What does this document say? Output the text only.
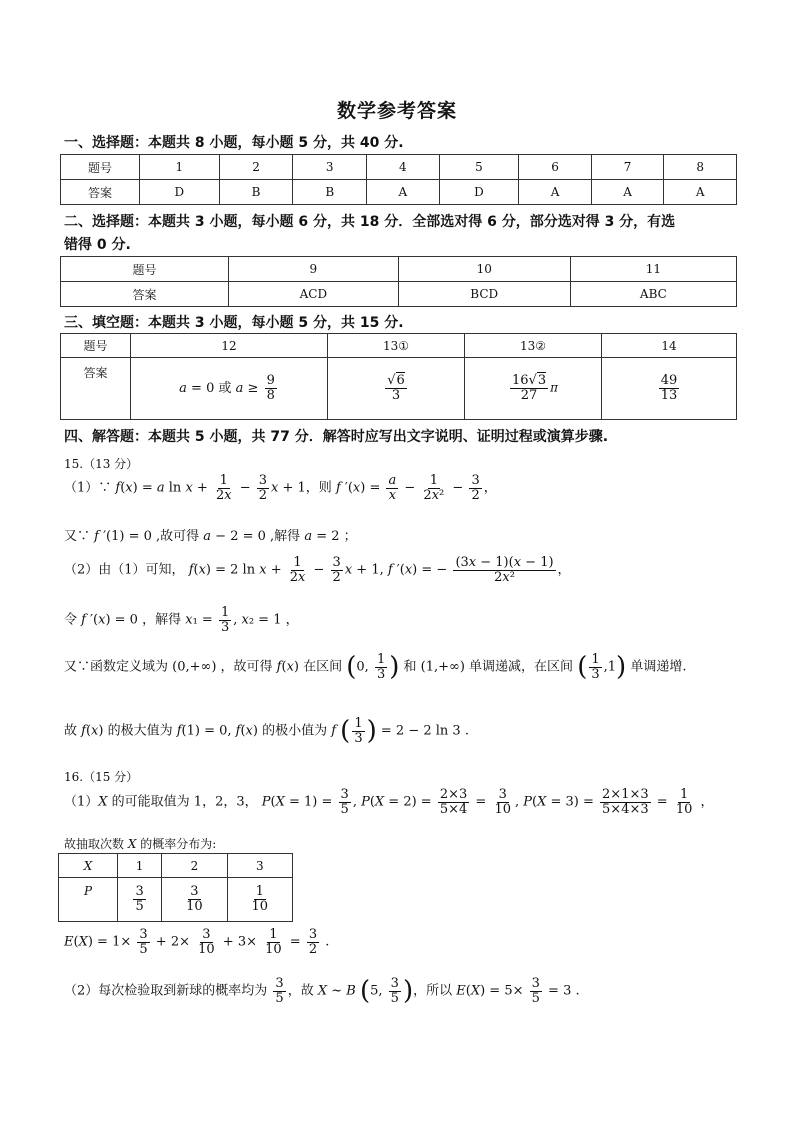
数学参考答案
一、选择题：本题共 8 小题，每小题 5 分，共 40 分.
题号	1	2	3	4	5	6	7	8
答案	D	B	B	A	D	A	A	A
二、选择题：本题共 3 小题，每小题 6 分，共 18 分．全部选对得 6 分，部分选对得 3 分，有选
错得 0 分.
题号	9	10	11
答案	ACD	BCD	ABC
三、填空题：本题共 3 小题，每小题 5 分，共 15 分.
题号	12	13①	13②	14
答案	a = 0 或 $a \ge \frac{9}{8}$	$\frac{√6}{3}$	$\frac{16√3}{27}$ π	$\frac{49}{13}$
四、解答题：本题共 5 小题，共 77 分．解答时应写出文字说明、证明过程或演算步骤.
15.（13 分）
（1）∵ f(x) = a $\ln x + \frac{1}{2x} - \frac{3}{2}$ x + 1，则 f $'(x) = \frac{a}{x} - \frac{1}{\text{2x²}} - \frac{3}{2}$ ，
又∵ f ′(1) = 0 ,故可得 a − 2 = 0 ,解得 a = 2 ；
（2）由（1）可知， f(x) = 2 $\ln x + \frac{1}{2x} - \frac{3}{2}$ x + 1, f ′(x) = − $\frac{(3x - 1)(x - 1)}{\text{2x²}}$ ，
令 f ′(x) = 0 ，解得 $x_1 = \frac{1}{3}$ , x₂ = 1 ，
又∵函数定义域为 (0,+∞) ，故可得 f(x) 在区间 (0, $\frac{1}{3}$ ) 和 (1,+∞) 单调递减，在区间 ( $\frac{1}{3} ,1$) 单调递增.
故 f(x) 的极大值为 f(1) = 0, f(x) 的极小值为 f ( $\frac{1}{3}$ ) = 2 − 2 ln 3 .
16.（15 分）
（1）X 的可能取值为 1，2，3， $P(X = 1) = \frac{3}{5}$ , $P(X = 2) = \frac{2\times 3}{5\times 4} = \frac{3}{10}$ , $P(X = 3) = \frac{2\times 1\times 3}{5\times 4\times 3} = \frac{1}{10}$ ，
故抽取次数 X 的概率分布为:
X	1	2	3
P	$\frac{3}{5}$	$\frac{3}{10}$	$\frac{1}{10}$
$E(X) = 1\times \frac{3}{5} + 2\times \frac{3}{10} + 3\times \frac{1}{10} = \frac{3}{2}$ .
（2）每次检验取到新球的概率均为 $\frac{3}{5}$ ，故 X ~ B (5, $\frac{3}{5}$ )，所以 $E(X) = 5\times \frac{3}{5} = 3$ .
